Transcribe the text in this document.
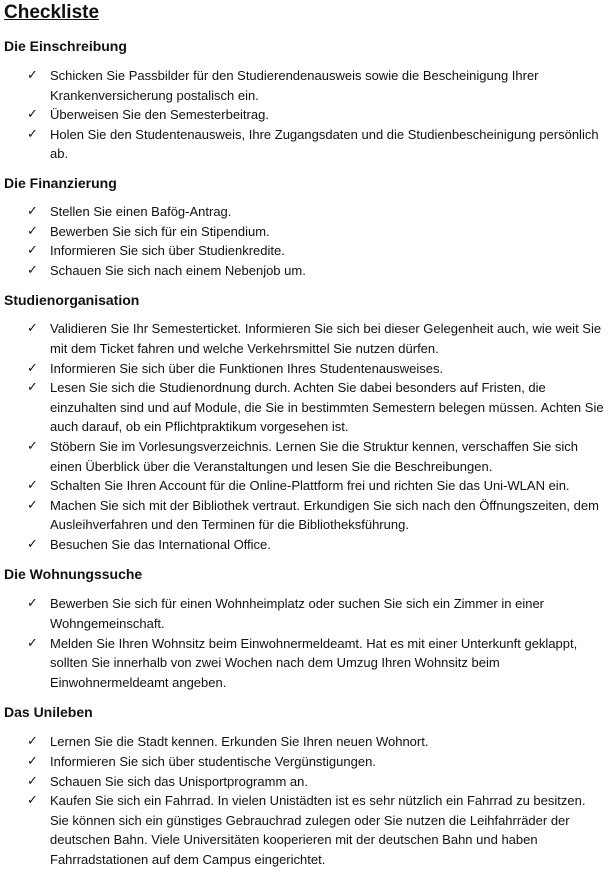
Checkliste
Die Einschreibung
✓ Schicken Sie Passbilder für den Studierendenausweis sowie die Bescheinigung Ihrer Krankenversicherung postalisch ein.
✓ Überweisen Sie den Semesterbeitrag.
✓ Holen Sie den Studentenausweis, Ihre Zugangsdaten und die Studienbescheinigung persönlich ab.
Die Finanzierung
✓ Stellen Sie einen Bafög-Antrag.
✓ Bewerben Sie sich für ein Stipendium.
✓ Informieren Sie sich über Studienkredite.
✓ Schauen Sie sich nach einem Nebenjob um.
Studienorganisation
✓ Validieren Sie Ihr Semesterticket. Informieren Sie sich bei dieser Gelegenheit auch, wie weit Sie mit dem Ticket fahren und welche Verkehrsmittel Sie nutzen dürfen.
✓ Informieren Sie sich über die Funktionen Ihres Studentenausweises.
✓ Lesen Sie sich die Studienordnung durch. Achten Sie dabei besonders auf Fristen, die einzuhalten sind und auf Module, die Sie in bestimmten Semestern belegen müssen. Achten Sie auch darauf, ob ein Pflichtpraktikum vorgesehen ist.
✓ Stöbern Sie im Vorlesungsverzeichnis. Lernen Sie die Struktur kennen, verschaffen Sie sich einen Überblick über die Veranstaltungen und lesen Sie die Beschreibungen.
✓ Schalten Sie Ihren Account für die Online-Plattform frei und richten Sie das Uni-WLAN ein.
✓ Machen Sie sich mit der Bibliothek vertraut. Erkundigen Sie sich nach den Öffnungszeiten, dem Ausleihverfahren und den Terminen für die Bibliotheksführung.
✓ Besuchen Sie das International Office.
Die Wohnungssuche
✓ Bewerben Sie sich für einen Wohnheimplatz oder suchen Sie sich ein Zimmer in einer Wohngemeinschaft.
✓ Melden Sie Ihren Wohnsitz beim Einwohnermeldeamt. Hat es mit einer Unterkunft geklappt, sollten Sie innerhalb von zwei Wochen nach dem Umzug Ihren Wohnsitz beim Einwohnermeldeamt angeben.
Das Unileben
✓ Lernen Sie die Stadt kennen. Erkunden Sie Ihren neuen Wohnort.
✓ Informieren Sie sich über studentische Vergünstigungen.
✓ Schauen Sie sich das Unisportprogramm an.
✓ Kaufen Sie sich ein Fahrrad. In vielen Unistädten ist es sehr nützlich ein Fahrrad zu besitzen. Sie können sich ein günstiges Gebrauchrad zulegen oder Sie nutzen die Leihfahrräder der deutschen Bahn. Viele Universitäten kooperieren mit der deutschen Bahn und haben Fahrradstationen auf dem Campus eingerichtet.
